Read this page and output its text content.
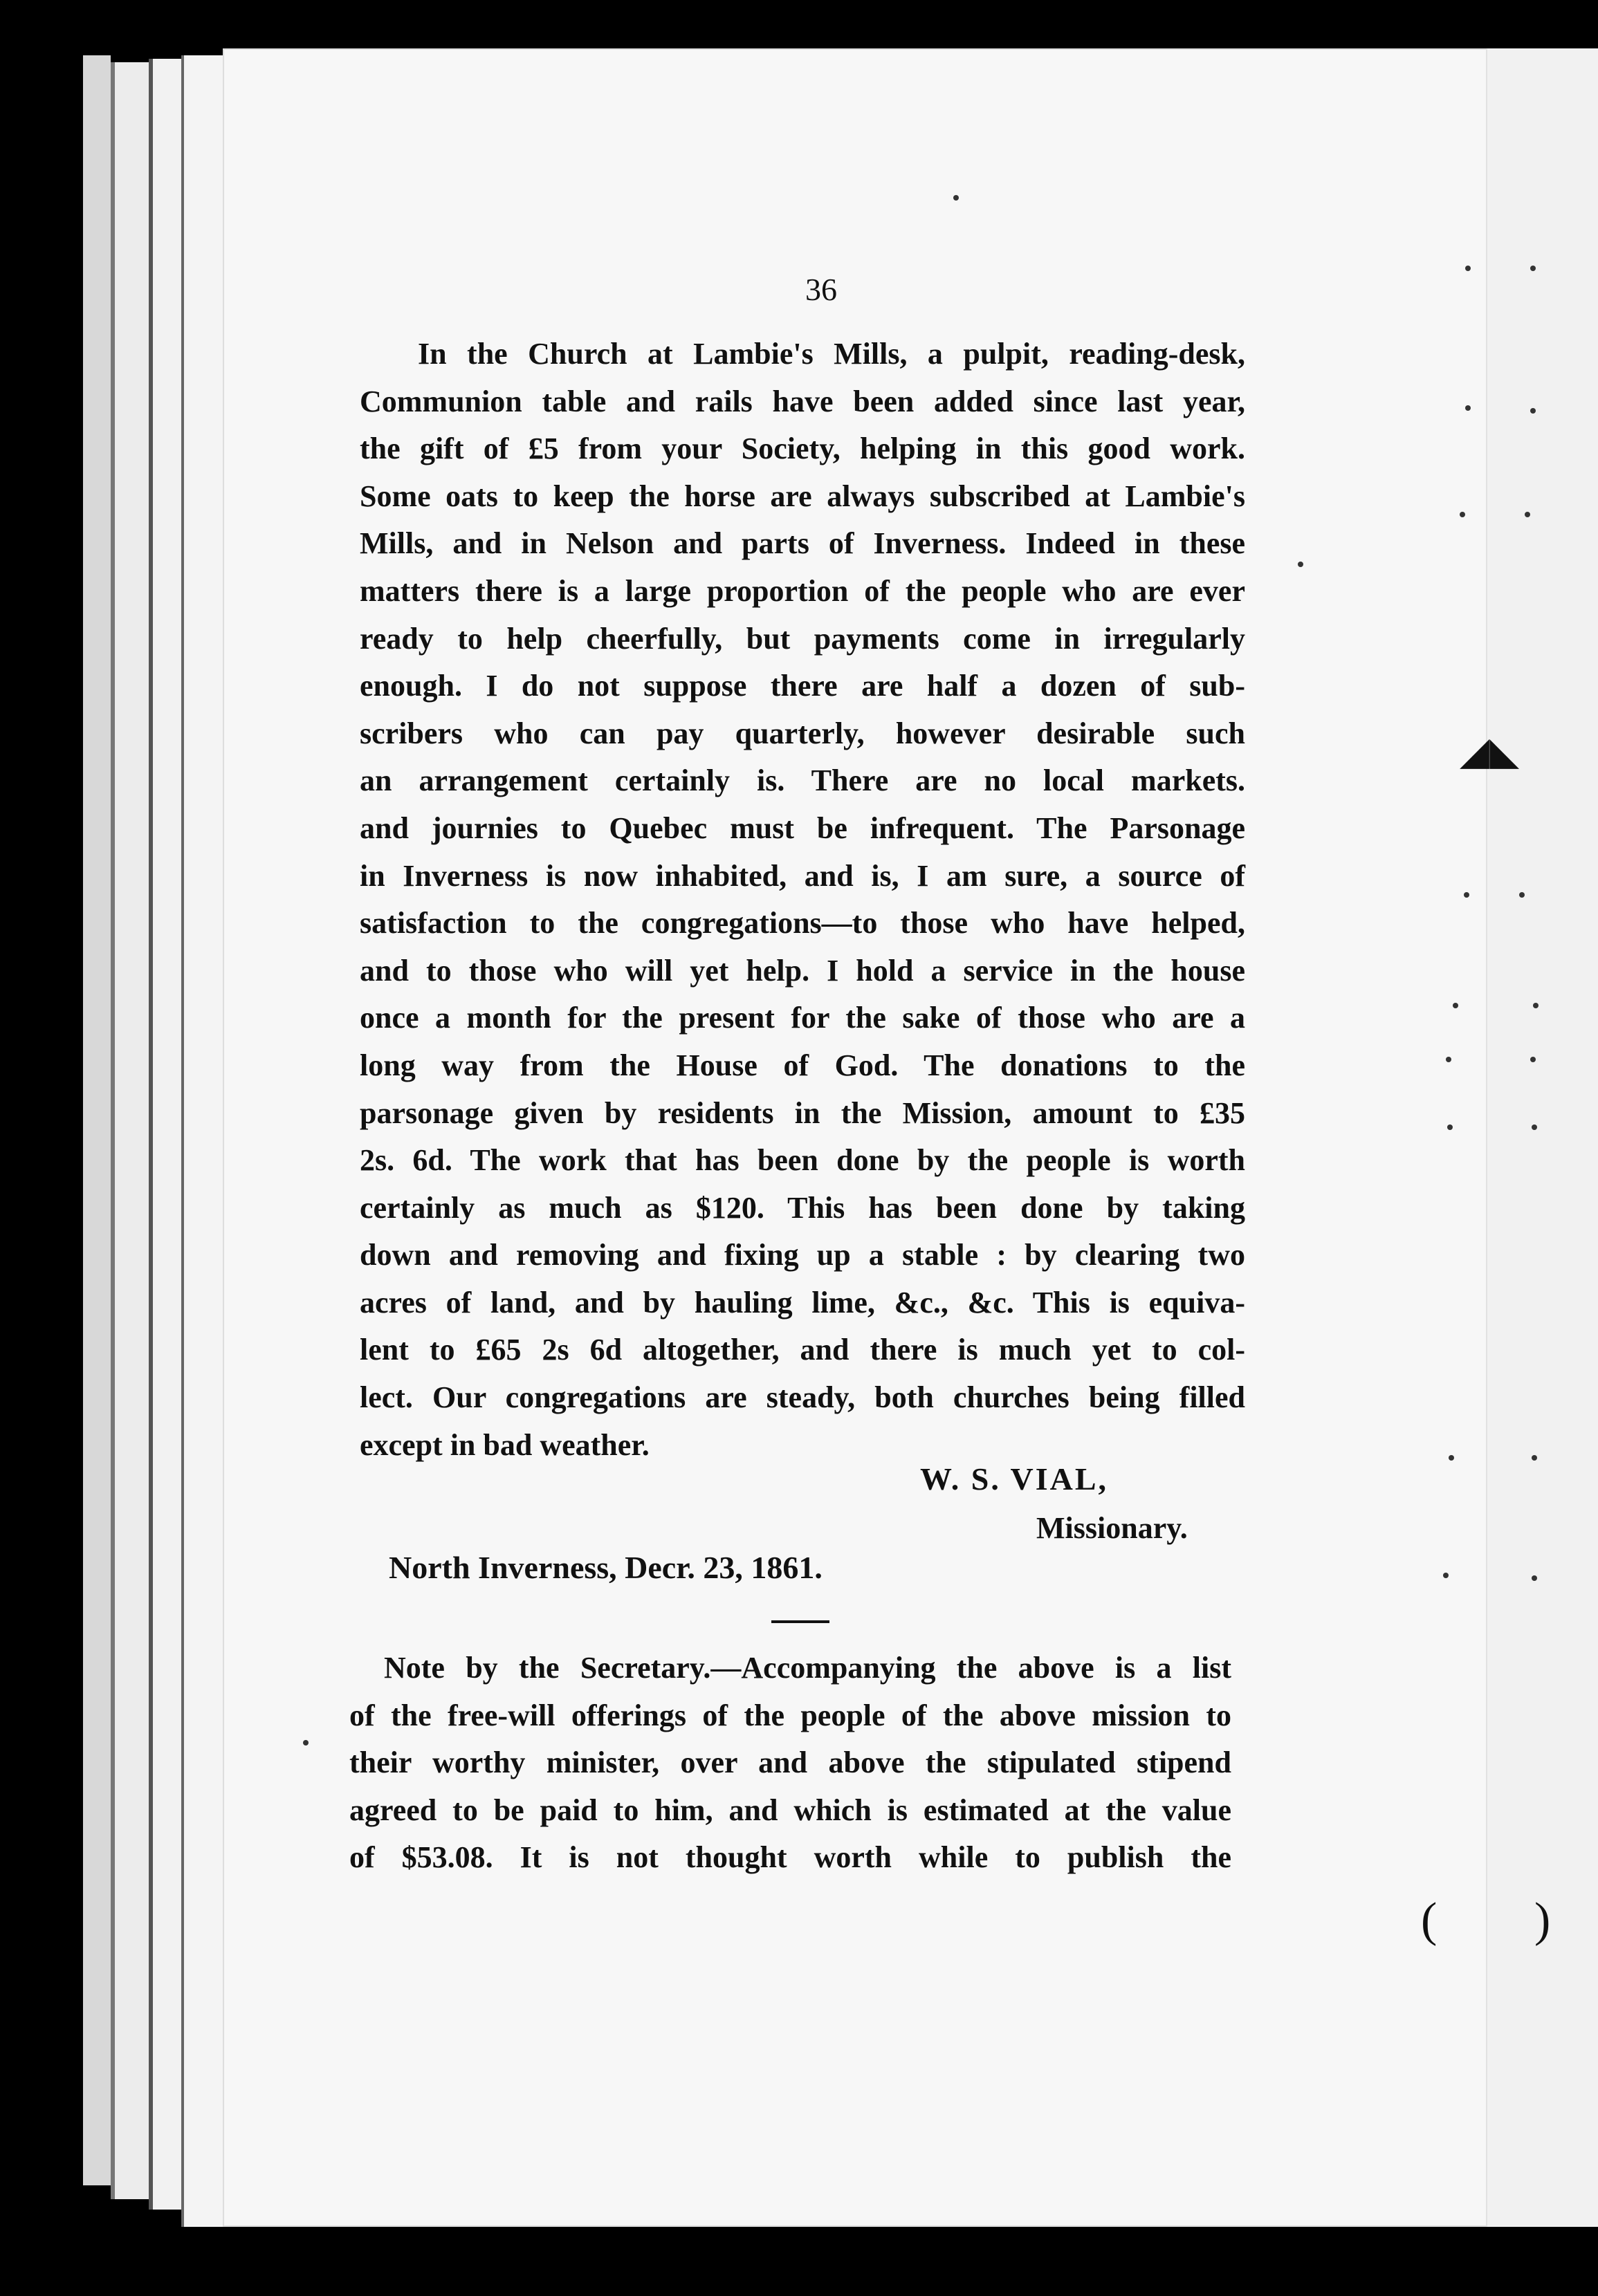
36
In the Church at Lambie's Mills, a pulpit, reading-desk,
Communion table and rails have been added since last year,
the gift of £5 from your Society, helping in this good work.
Some oats to keep the horse are always subscribed at Lambie's
Mills, and in Nelson and parts of Inverness. Indeed in these
matters there is a large proportion of the people who are ever
ready to help cheerfully, but payments come in irregularly
enough. I do not suppose there are half a dozen of sub-
scribers who can pay quarterly, however desirable such
an arrangement certainly is. There are no local markets.
and journies to Quebec must be infrequent. The Parsonage
in Inverness is now inhabited, and is, I am sure, a source of
satisfaction to the congregations—to those who have helped,
and to those who will yet help. I hold a service in the house
once a month for the present for the sake of those who are a
long way from the House of God. The donations to the
parsonage given by residents in the Mission, amount to £35
2s. 6d. The work that has been done by the people is worth
certainly as much as $120. This has been done by taking
down and removing and fixing up a stable : by clearing two
acres of land, and by hauling lime, &c., &c. This is equiva-
lent to £65 2s 6d altogether, and there is much yet to col-
lect. Our congregations are steady, both churches being filled
except in bad weather.
W. S. VIAL,
Missionary.
North Inverness, Decr. 23, 1861.
Note by the Secretary.—Accompanying the above is a list
of the free-will offerings of the people of the above mission to
their worthy minister, over and above the stipulated stipend
agreed to be paid to him, and which is estimated at the value
of $53.08. It is not thought worth while to publish the
◢◣
( )
